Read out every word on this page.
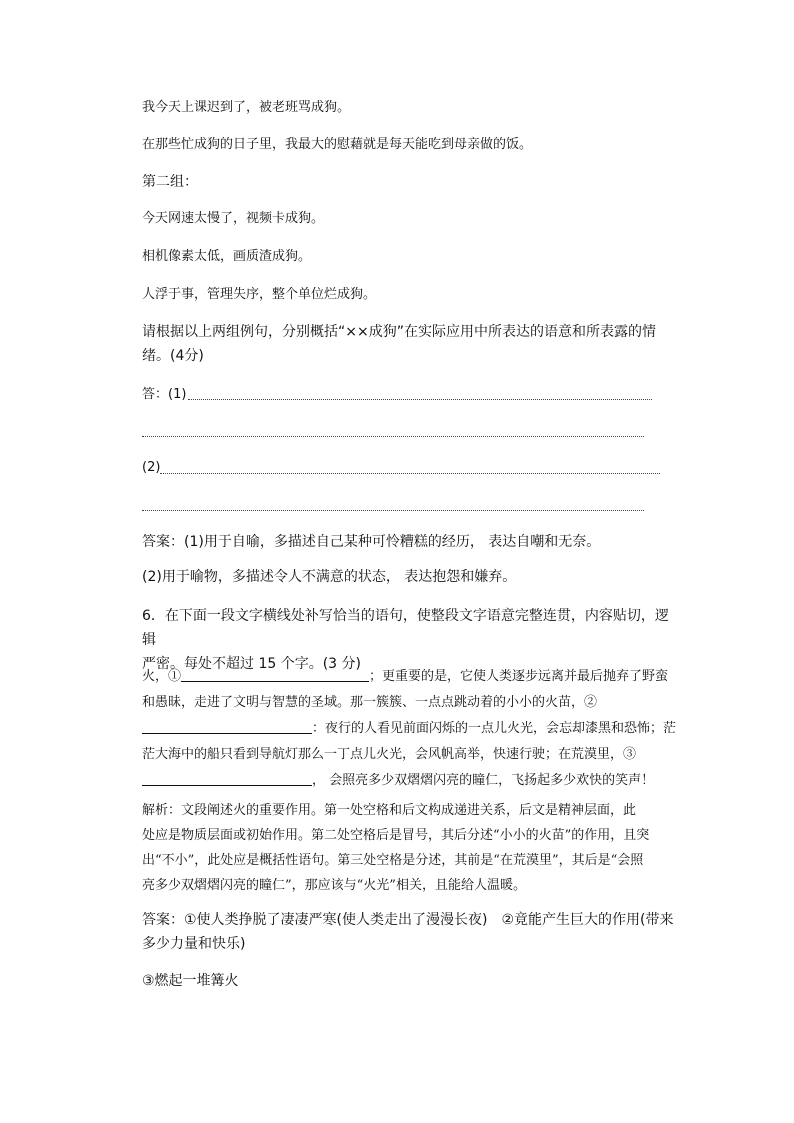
我今天上课迟到了，被老班骂成狗。
在那些忙成狗的日子里，我最大的慰藉就是每天能吃到母亲做的饭。
第二组：
今天网速太慢了，视频卡成狗。
相机像素太低，画质渣成狗。
人浮于事，管理失序，整个单位烂成狗。
请根据以上两组例句，分别概括“××成狗”在实际应用中所表达的语意和所表露的情
绪。(4分)
答：(1)
(2)
答案：(1)用于自喻，多描述自己某种可怜糟糕的经历， 表达自嘲和无奈。
(2)用于喻物，多描述令人不满意的状态， 表达抱怨和嫌弃。
6．在下面一段文字横线处补写恰当的语句，使整段文字语意完整连贯，内容贴切，逻辑
严密。每处不超过 15 个字。(3 分)
火，①	；更重要的是，它使人类逐步远离并最后抛弃了野蛮
和愚昧，走进了文明与智慧的圣域。那一簇簇、一点点跳动着的小小的火苗，②
：夜行的人看见前面闪烁的一点儿火光，会忘却漆黑和恐怖；茫
茫大海中的船只看到导航灯那么一丁点儿火光，会风帆高举，快速行驶；在荒漠里，③
， 会照亮多少双熠熠闪亮的瞳仁，飞扬起多少欢快的笑声！
解析：文段阐述火的重要作用。第一处空格和后文构成递进关系，后文是精神层面，此
处应是物质层面或初始作用。第二处空格后是冒号，其后分述“小小的火苗”的作用，且突
出“不小”，此处应是概括性语句。第三处空格是分述，其前是“在荒漠里”，其后是“会照
亮多少双熠熠闪亮的瞳仁”，那应该与“火光”相关，且能给人温暖。
答案：①使人类挣脱了凄凄严寒(使人类走出了漫漫长夜)　②竟能产生巨大的作用(带来
多少力量和快乐)
③燃起一堆篝火
